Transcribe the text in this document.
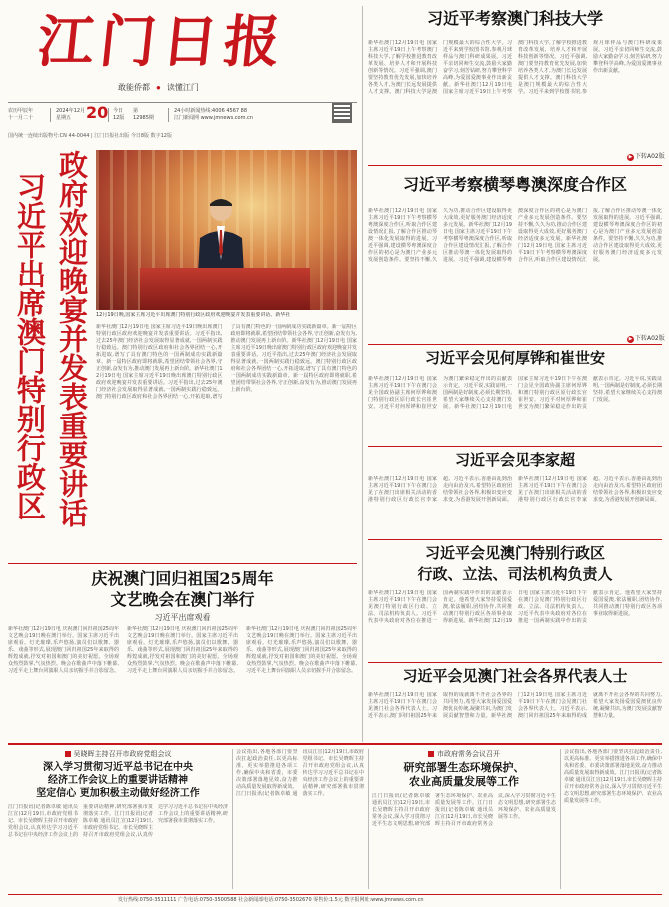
江门日报
敢能侨都 ● 读懂江门
农历甲辰年
十一月二十
2024年12月
星期五 20 今日
12版
第
12985期
24小时新闻热线:4006 4567 88
江门新闻网 www.jmnews.com.cn
国内统一连续出版物号:CN 44-0044 | 江门日报社出版 今日8版 数字12版
12月19日晚,国家主席习近平出席澳门特别行政区政府欢迎晚宴并发表重要讲话。新华社
政府欢迎晚宴并发表重要讲话
习近平出席澳门特别行政区	新华社澳门12月19日电 国家主席习近平19日晚出席澳门特别行政区政府欢迎晚宴并发表重要讲话。习近平指出,过去25年澳门经济社会发展取得显著成就,一国两制实践行稳致远。澳门特别行政区政府和社会各界团结一心,开拓进取,谱写了具有澳门特色的一国两制成功实践新篇章。新一届特区政府即将就职,希望团结带领社会各界,守正创新,奋发有为,推动澳门发展再上新台阶。新华社澳门12月19日电 国家主席习近平19日晚出席澳门特别行政区政府欢迎晚宴并发表重要讲话。习近平指出,过去25年澳门经济社会发展取得显著成就,一国两制实践行稳致远。澳门特别行政区政府和社会各界团结一心,开拓进取,谱写了具有澳门特色的一国两制成功实践新篇章。新一届特区政府即将就职,希望团结带领社会各界,守正创新,奋发有为,推动澳门发展再上新台阶。新华社澳门12月19日电 国家主席习近平19日晚出席澳门特别行政区政府欢迎晚宴并发表重要讲话。习近平指出,过去25年澳门经济社会发展取得显著成就,一国两制实践行稳致远。澳门特别行政区政府和社会各界团结一心,开拓进取,谱写了具有澳门特色的一国两制成功实践新篇章。新一届特区政府即将就职,希望团结带领社会各界,守正创新,奋发有为,推动澳门发展再上新台阶。
庆祝澳门回归祖国25周年
文艺晚会在澳门举行
习近平出席观看
新华社澳门12月19日电 庆祝澳门回归祖国25周年文艺晚会19日晚在澳门举行。国家主席习近平出席观看。灯光璀璨,乐声悠扬,演员们以歌舞、器乐、戏曲等形式,展现澳门回归祖国25年来取得的辉煌成就,抒发对祖国和澳门的美好祝愿。全场观众热烈鼓掌,气氛热烈。晚会在歌曲声中落下帷幕,习近平走上舞台同演职人员亲切握手并合影留念。新华社澳门12月19日电 庆祝澳门回归祖国25周年文艺晚会19日晚在澳门举行。国家主席习近平出席观看。灯光璀璨,乐声悠扬,演员们以歌舞、器乐、戏曲等形式,展现澳门回归祖国25年来取得的辉煌成就,抒发对祖国和澳门的美好祝愿。全场观众热烈鼓掌,气氛热烈。晚会在歌曲声中落下帷幕,习近平走上舞台同演职人员亲切握手并合影留念。新华社澳门12月19日电 庆祝澳门回归祖国25周年文艺晚会19日晚在澳门举行。国家主席习近平出席观看。灯光璀璨,乐声悠扬,演员们以歌舞、器乐、戏曲等形式,展现澳门回归祖国25年来取得的辉煌成就,抒发对祖国和澳门的美好祝愿。全场观众热烈鼓掌,气氛热烈。晚会在歌曲声中落下帷幕,习近平走上舞台同演职人员亲切握手并合影留念。
习近平考察澳门科技大学
新华社澳门12月19日电 国家主席习近平19日上午考察澳门科技大学,了解学校推进教育改革发展、培养人才和开展科技创新等情况。习近平强调,澳门要坚持教育优先发展,加快培养各类人才,为澳门长远发展提供人才支撑。澳门科技大学是澳门规模最大的综合性大学。习近平来到学校图书馆,参观月球样品与澳门科研成果展。习近平亲切同师生交流,鼓励大家勤奋学习,刻苦钻研,努力攀登科学高峰,为爱国爱澳事业作出新贡献。新华社澳门12月19日电 国家主席习近平19日上午考察澳门科技大学,了解学校推进教育改革发展、培养人才和开展科技创新等情况。习近平强调,澳门要坚持教育优先发展,加快培养各类人才,为澳门长远发展提供人才支撑。澳门科技大学是澳门规模最大的综合性大学。习近平来到学校图书馆,参观月球样品与澳门科研成果展。习近平亲切同师生交流,鼓励大家勤奋学习,刻苦钻研,努力攀登科学高峰,为爱国爱澳事业作出新贡献。
▶ 下转A02版
习近平考察横琴粤澳深度合作区
新华社澳门12月19日电 国家主席习近平19日下午考察横琴粤澳深度合作区,听取合作区建设情况汇报,了解合作区推动琴澳一体化发展取得的进展。习近平强调,建设横琴粤澳深度合作区的初心是为澳门产业多元发展创造条件。要坚持不懈,久久为功,推动合作区建设取得更大成效,更好服务澳门经济适度多元发展。新华社澳门12月19日电 国家主席习近平19日下午考察横琴粤澳深度合作区,听取合作区建设情况汇报,了解合作区推动琴澳一体化发展取得的进展。习近平强调,建设横琴粤澳深度合作区的初心是为澳门产业多元发展创造条件。要坚持不懈,久久为功,推动合作区建设取得更大成效,更好服务澳门经济适度多元发展。新华社澳门12月19日电 国家主席习近平19日下午考察横琴粤澳深度合作区,听取合作区建设情况汇报,了解合作区推动琴澳一体化发展取得的进展。习近平强调,建设横琴粤澳深度合作区的初心是为澳门产业多元发展创造条件。要坚持不懈,久久为功,推动合作区建设取得更大成效,更好服务澳门经济适度多元发展。
▶ 下转A02版
习近平会见何厚铧和崔世安
新华社澳门12月19日电 国家主席习近平19日下午在澳门会见全国政协副主席何厚铧和澳门特别行政区原行政长官崔世安。习近平对何厚铧和崔世安为澳门繁荣稳定作出的贡献表示肯定。习近平说,实践证明,一国两制是好制度,必须长期坚持,希望大家继续关心支持澳门发展。新华社澳门12月19日电 国家主席习近平19日下午在澳门会见全国政协副主席何厚铧和澳门特别行政区原行政长官崔世安。习近平对何厚铧和崔世安为澳门繁荣稳定作出的贡献表示肯定。习近平说,实践证明,一国两制是好制度,必须长期坚持,希望大家继续关心支持澳门发展。
习近平会见李家超
新华社澳门12月19日电 国家主席习近平19日下午在澳门会见了在澳门出席相关活动的香港特别行政区行政长官李家超。习近平表示,香港由乱到治走向由治及兴,希望特区政府团结带领社会各界,积极识变应变求变,为香港发展开创新局面。新华社澳门12月19日电 国家主席习近平19日下午在澳门会见了在澳门出席相关活动的香港特别行政区行政长官李家超。习近平表示,香港由乱到治走向由治及兴,希望特区政府团结带领社会各界,积极识变应变求变,为香港发展开创新局面。
习近平会见澳门特别行政区
行政、立法、司法机构负责人
新华社澳门12月19日电 国家主席习近平19日下午在澳门会见澳门特别行政区行政、立法、司法机构负责人。习近平代表中央政府对各位在推进一国两制实践中作出的贡献表示肯定。他希望大家坚持爱国爱澳,依法履职,团结协作,共同推动澳门特别行政区各项事业取得新进展。新华社澳门12月19日电 国家主席习近平19日下午在澳门会见澳门特别行政区行政、立法、司法机构负责人。习近平代表中央政府对各位在推进一国两制实践中作出的贡献表示肯定。他希望大家坚持爱国爱澳,依法履职,团结协作,共同推动澳门特别行政区各项事业取得新进展。
习近平会见澳门社会各界代表人士
新华社澳门12月19日电 国家主席习近平19日下午在澳门会见澳门社会各界代表人士。习近平表示,澳门回归祖国25年来取得的成就离不开社会各界的共同努力,希望大家发扬爱国爱澳优良传统,凝聚共识,为澳门发展贡献智慧和力量。新华社澳门12月19日电 国家主席习近平19日下午在澳门会见澳门社会各界代表人士。习近平表示,澳门回归祖国25年来取得的成就离不开社会各界的共同努力,希望大家发扬爱国爱澳优良传统,凝聚共识,为澳门发展贡献智慧和力量。
吴晓晖主持召开市政府党组会议
深入学习贯彻习近平总书记在中央
经济工作会议上的重要讲话精神
坚定信心 更加积极主动做好经济工作
江门日报讯(记者陈卓敏 通讯员江宣)12月19日,市政府党组书记、市长吴晓晖主持召开市政府党组会议,认真传达学习习近平总书记在中央经济工作会议上的重要讲话精神,研究部署我市贯彻落实工作。江门日报讯(记者陈卓敏 通讯员江宣)12月19日,市政府党组书记、市长吴晓晖主持召开市政府党组会议,认真传达学习习近平总书记在中央经济工作会议上的重要讲话精神,研究部署我市贯彻落实工作。
会议指出,各地各部门要坚决扛起政治责任,以更高标准、更实举措推进各项工作,确保中央和省委、市委决策部署落地见效,奋力推动高质量发展取得新成效。江门日报讯(记者陈卓敏 通讯员江宣)12月19日,市政府党组书记、市长吴晓晖主持召开市政府党组会议,认真传达学习习近平总书记在中央经济工作会议上的重要讲话精神,研究部署我市贯彻落实工作。
市政府常务会议召开
研究部署生态环境保护、
农业高质量发展等工作
江门日报讯(记者陈卓敏 通讯员江宣)12月19日,市长吴晓晖主持召开市政府常务会议,深入学习贯彻习近平生态文明思想,研究部署生态环境保护、农业高质量发展等工作。江门日报讯(记者陈卓敏 通讯员江宣)12月19日,市长吴晓晖主持召开市政府常务会议,深入学习贯彻习近平生态文明思想,研究部署生态环境保护、农业高质量发展等工作。
会议指出,各地各部门要坚决扛起政治责任,以更高标准、更实举措推进各项工作,确保中央和省委、市委决策部署落地见效,奋力推动高质量发展取得新成效。江门日报讯(记者陈卓敏 通讯员江宣)12月19日,市长吴晓晖主持召开市政府常务会议,深入学习贯彻习近平生态文明思想,研究部署生态环境保护、农业高质量发展等工作。
发行热线:0750-3511111 广告电话:0750-3500588 社会新闻部电话:0750-3502670 零售价:1.5元 数字报网址:www.jmnews.com.cn
